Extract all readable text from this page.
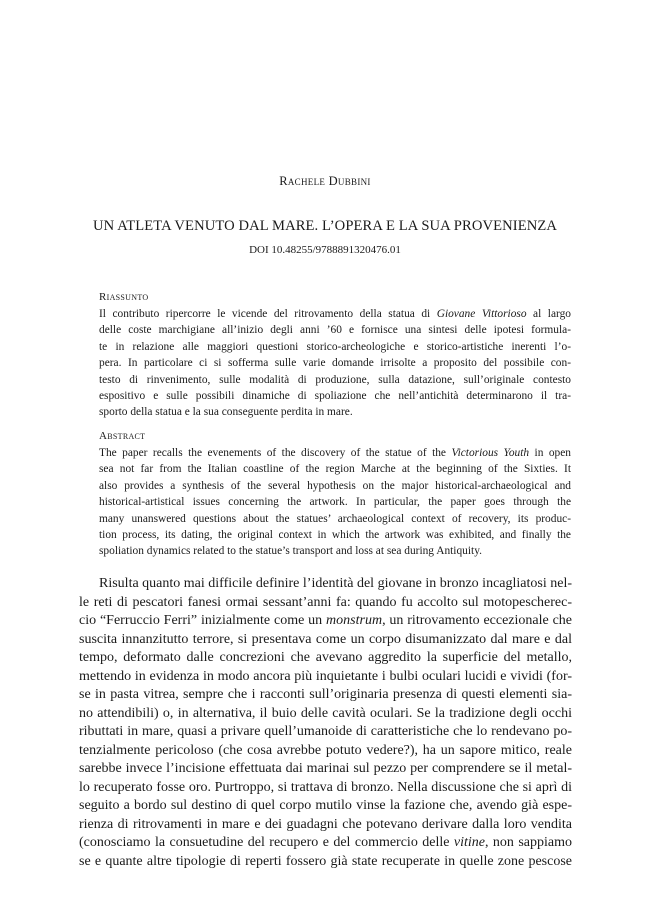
Rachele Dubbini
UN ATLETA VENUTO DAL MARE. L’OPERA E LA SUA PROVENIENZA
DOI 10.48255/9788891320476.01
Riassunto
Il contributo ripercorre le vicende del ritrovamento della statua di Giovane Vittorioso al largo
delle coste marchigiane all’inizio degli anni ’60 e fornisce una sintesi delle ipotesi formula-
te in relazione alle maggiori questioni storico-archeologiche e storico-artistiche inerenti l’o-
pera. In particolare ci si sofferma sulle varie domande irrisolte a proposito del possibile con-
testo di rinvenimento, sulle modalità di produzione, sulla datazione, sull’originale contesto
espositivo e sulle possibili dinamiche di spoliazione che nell’antichità determinarono il tra-
sporto della statua e la sua conseguente perdita in mare.
Abstract
The paper recalls the evenements of the discovery of the statue of the Victorious Youth in open
sea not far from the Italian coastline of the region Marche at the beginning of the Sixties. It
also provides a synthesis of the several hypothesis on the major historical-archaeological and
historical-artistical issues concerning the artwork. In particular, the paper goes through the
many unanswered questions about the statues’ archaeological context of recovery, its produc-
tion process, its dating, the original context in which the artwork was exhibited, and finally the
spoliation dynamics related to the statue’s transport and loss at sea during Antiquity.
Risulta quanto mai difficile definire l’identità del giovane in bronzo incagliatosi nel-
le reti di pescatori fanesi ormai sessant’anni fa: quando fu accolto sul motopeschereс-
cio “Ferruccio Ferri” inizialmente come un monstrum, un ritrovamento eccezionale che
suscita innanzitutto terrore, si presentava come un corpo disumanizzato dal mare e dal
tempo, deformato dalle concrezioni che avevano aggredito la superficie del metallo,
mettendo in evidenza in modo ancora più inquietante i bulbi oculari lucidi e vividi (for-
se in pasta vitrea, sempre che i racconti sull’originaria presenza di questi elementi sia-
no attendibili) o, in alternativa, il buio delle cavità oculari. Se la tradizione degli occhi
ributtati in mare, quasi a privare quell’umanoide di caratteristiche che lo rendevano po-
tenzialmente pericoloso (che cosa avrebbe potuto vedere?), ha un sapore mitico, reale
sarebbe invece l’incisione effettuata dai marinai sul pezzo per comprendere se il metal-
lo recuperato fosse oro. Purtroppo, si trattava di bronzo. Nella discussione che si aprì di
seguito a bordo sul destino di quel corpo mutilo vinse la fazione che, avendo già espe-
rienza di ritrovamenti in mare e dei guadagni che potevano derivare dalla loro vendita
(conosciamo la consuetudine del recupero e del commercio delle vitine, non sappiamo
se e quante altre tipologie di reperti fossero già state recuperate in quelle zone pescose
